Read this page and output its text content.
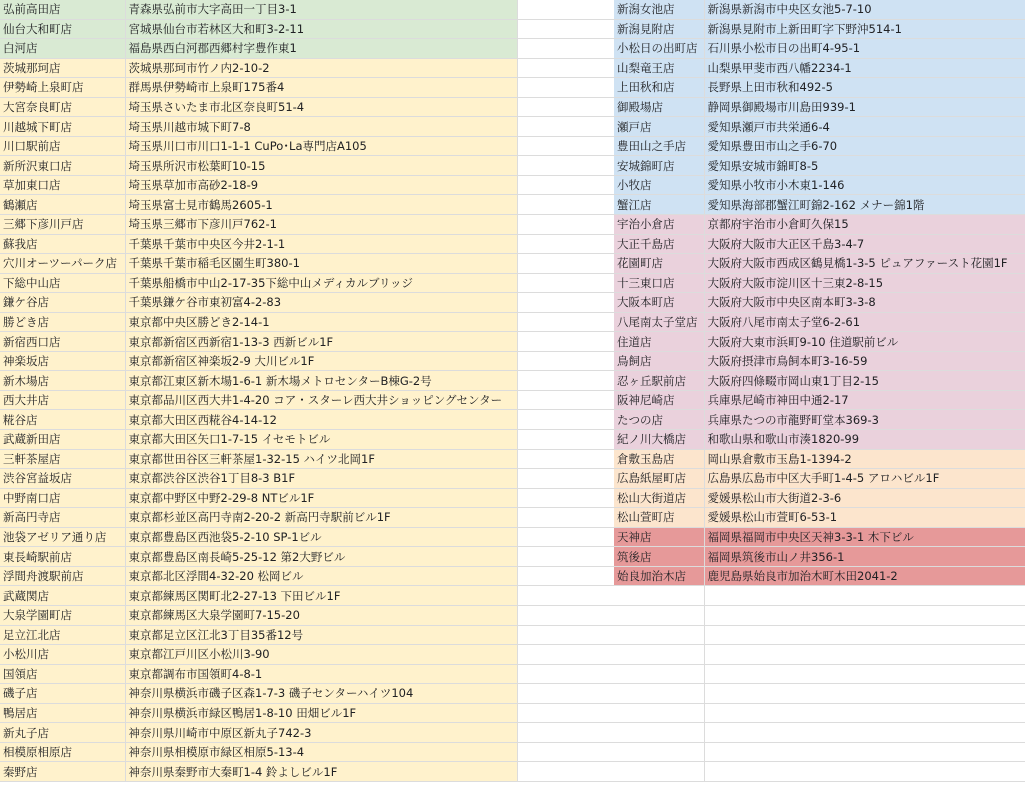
弘前高田店	青森県弘前市大字高田一丁目3-1	
仙台大和町店	宮城県仙台市若林区大和町3-2-11	
白河店	福島県西白河郡西郷村字豊作東1	
茨城那珂店	茨城県那珂市竹ノ内2-10-2	
伊勢崎上泉町店	群馬県伊勢崎市上泉町175番4	
大宮奈良町店	埼玉県さいたま市北区奈良町51-4	
川越城下町店	埼玉県川越市城下町7-8	
川口駅前店	埼玉県川口市川口1-1-1 CuPo･La専門店A105	
新所沢東口店	埼玉県所沢市松葉町10-15	
草加東口店	埼玉県草加市高砂2-18-9	
鶴瀬店	埼玉県富士見市鶴馬2605-1	
三郷下彦川戸店	埼玉県三郷市下彦川戸762-1	
蘇我店	千葉県千葉市中央区今井2-1-1	
穴川オーツーパーク店	千葉県千葉市稲毛区園生町380-1	
下総中山店	千葉県船橋市中山2-17-35下総中山メディカルブリッジ	
鎌ケ谷店	千葉県鎌ケ谷市東初富4-2-83	
勝どき店	東京都中央区勝どき2-14-1	
新宿西口店	東京都新宿区西新宿1-13-3 西新ビル1F	
神楽坂店	東京都新宿区神楽坂2-9 大川ビル1F	
新木場店	東京都江東区新木場1-6-1 新木場メトロセンターB棟G-2号	
西大井店	東京都品川区西大井1-4-20 コア・スターレ西大井ショッピングセンター	
糀谷店	東京都大田区西糀谷4-14-12	
武蔵新田店	東京都大田区矢口1-7-15 イセモトビル	
三軒茶屋店	東京都世田谷区三軒茶屋1-32-15 ハイツ北岡1F	
渋谷宮益坂店	東京都渋谷区渋谷1丁目8-3 B1F	
中野南口店	東京都中野区中野2-29-8 NTビル1F	
新高円寺店	東京都杉並区高円寺南2-20-2 新高円寺駅前ビル1F	
池袋アゼリア通り店	東京都豊島区西池袋5-2-10 SP-1ビル	
東長崎駅前店	東京都豊島区南長崎5-25-12 第2大野ビル	
浮間舟渡駅前店	東京都北区浮間4-32-20 松岡ビル	
武蔵関店	東京都練馬区関町北2-27-13 下田ビル1F	
大泉学園町店	東京都練馬区大泉学園町7-15-20	
足立江北店	東京都足立区江北3丁目35番12号	
小松川店	東京都江戸川区小松川3-90	
国領店	東京都調布市国領町4-8-1	
磯子店	神奈川県横浜市磯子区森1-7-3 磯子センターハイツ104	
鴨居店	神奈川県横浜市緑区鴨居1-8-10 田畑ビル1F	
新丸子店	神奈川県川崎市中原区新丸子742-3	
相模原相原店	神奈川県相模原市緑区相原5-13-4	
秦野店	神奈川県秦野市大秦町1-4 鈴よしビル1F	
新潟女池店	新潟県新潟市中央区女池5-7-10
新潟見附店	新潟県見附市上新田町字下野沖514-1
小松日の出町店	石川県小松市日の出町4-95-1
山梨竜王店	山梨県甲斐市西八幡2234-1
上田秋和店	長野県上田市秋和492-5
御殿場店	静岡県御殿場市川島田939-1
瀬戸店	愛知県瀬戸市共栄通6-4
豊田山之手店	愛知県豊田市山之手6-70
安城錦町店	愛知県安城市錦町8-5
小牧店	愛知県小牧市小木東1-146
蟹江店	愛知県海部郡蟹江町錦2-162 メナー錦1階
宇治小倉店	京都府宇治市小倉町久保15
大正千島店	大阪府大阪市大正区千島3-4-7
花園町店	大阪府大阪市西成区鶴見橋1-3-5 ピュアファースト花園1F
十三東口店	大阪府大阪市淀川区十三東2-8-15
大阪本町店	大阪府大阪市中央区南本町3-3-8
八尾南太子堂店	大阪府八尾市南太子堂6-2-61
住道店	大阪府大東市浜町9-10 住道駅前ビル
鳥飼店	大阪府摂津市鳥飼本町3-16-59
忍ヶ丘駅前店	大阪府四條畷市岡山東1丁目2-15
阪神尼崎店	兵庫県尼崎市神田中通2-17
たつの店	兵庫県たつの市龍野町堂本369-3
紀ノ川大橋店	和歌山県和歌山市湊1820-99
倉敷玉島店	岡山県倉敷市玉島1-1394-2
広島紙屋町店	広島県広島市中区大手町1-4-5 アロハビル1F
松山大街道店	愛媛県松山市大街道2-3-6
松山萱町店	愛媛県松山市萱町6-53-1
天神店	福岡県福岡市中央区天神3-3-1 木下ビル
筑後店	福岡県筑後市山ノ井356-1
始良加治木店	鹿児島県始良市加治木町木田2041-2
